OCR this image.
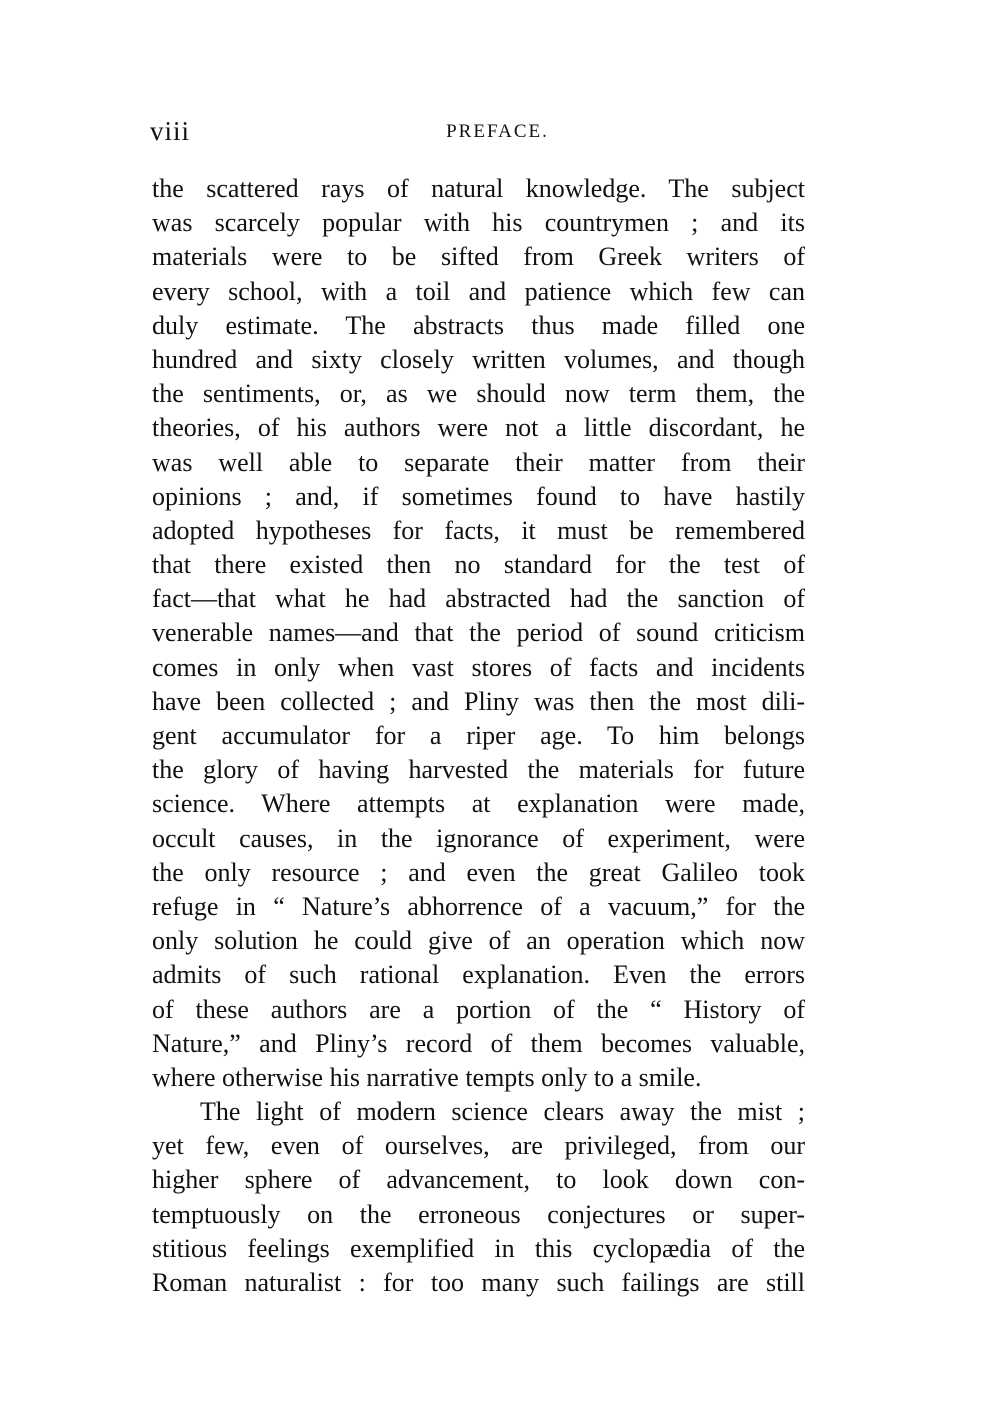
viii	PREFACE.
the scattered rays of natural knowledge. The subject
was scarcely popular with his countrymen ; and its
materials were to be sifted from Greek writers of
every school, with a toil and patience which few can
duly estimate. The abstracts thus made filled one
hundred and sixty closely written volumes, and though
the sentiments, or, as we should now term them, the
theories, of his authors were not a little discordant, he
was well able to separate their matter from their
opinions ; and, if sometimes found to have hastily
adopted hypotheses for facts, it must be remembered
that there existed then no standard for the test of
fact—that what he had abstracted had the sanction of
venerable names—and that the period of sound criticism
comes in only when vast stores of facts and incidents
have been collected ; and Pliny was then the most dili-
gent accumulator for a riper age. To him belongs
the glory of having harvested the materials for future
science. Where attempts at explanation were made,
occult causes, in the ignorance of experiment, were
the only resource ; and even the great Galileo took
refuge in “ Nature’s abhorrence of a vacuum,” for the
only solution he could give of an operation which now
admits of such rational explanation. Even the errors
of these authors are a portion of the “ History of
Nature,” and Pliny’s record of them becomes valuable,
where otherwise his narrative tempts only to a smile.
The light of modern science clears away the mist ;
yet few, even of ourselves, are privileged, from our
higher sphere of advancement, to look down con-
temptuously on the erroneous conjectures or super-
stitious feelings exemplified in this cyclopædia of the
Roman naturalist : for too many such failings are still
